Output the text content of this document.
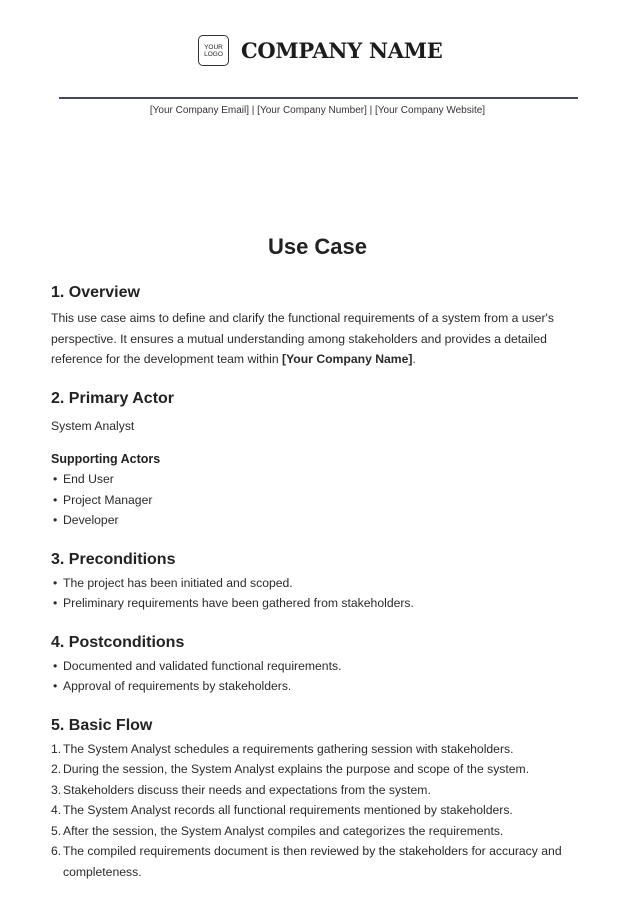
YOUR
LOGO COMPANY NAME
[Your Company Email] | [Your Company Number] | [Your Company Website]
Use Case
1. Overview

This use case aims to define and clarify the functional requirements of a system from a user's perspective. It ensures a mutual understanding among stakeholders and provides a detailed reference for the development team within [Your Company Name].

2. Primary Actor

System Analyst

Supporting Actors
• End User
• Project Manager
• Developer
3. Preconditions
• The project has been initiated and scoped.
• Preliminary requirements have been gathered from stakeholders.
4. Postconditions
• Documented and validated functional requirements.
• Approval of requirements by stakeholders.
5. Basic Flow
1. The System Analyst schedules a requirements gathering session with stakeholders.
2. During the session, the System Analyst explains the purpose and scope of the system.
3. Stakeholders discuss their needs and expectations from the system.
4. The System Analyst records all functional requirements mentioned by stakeholders.
5. After the session, the System Analyst compiles and categorizes the requirements.
6. The compiled requirements document is then reviewed by the stakeholders for accuracy and completeness.
